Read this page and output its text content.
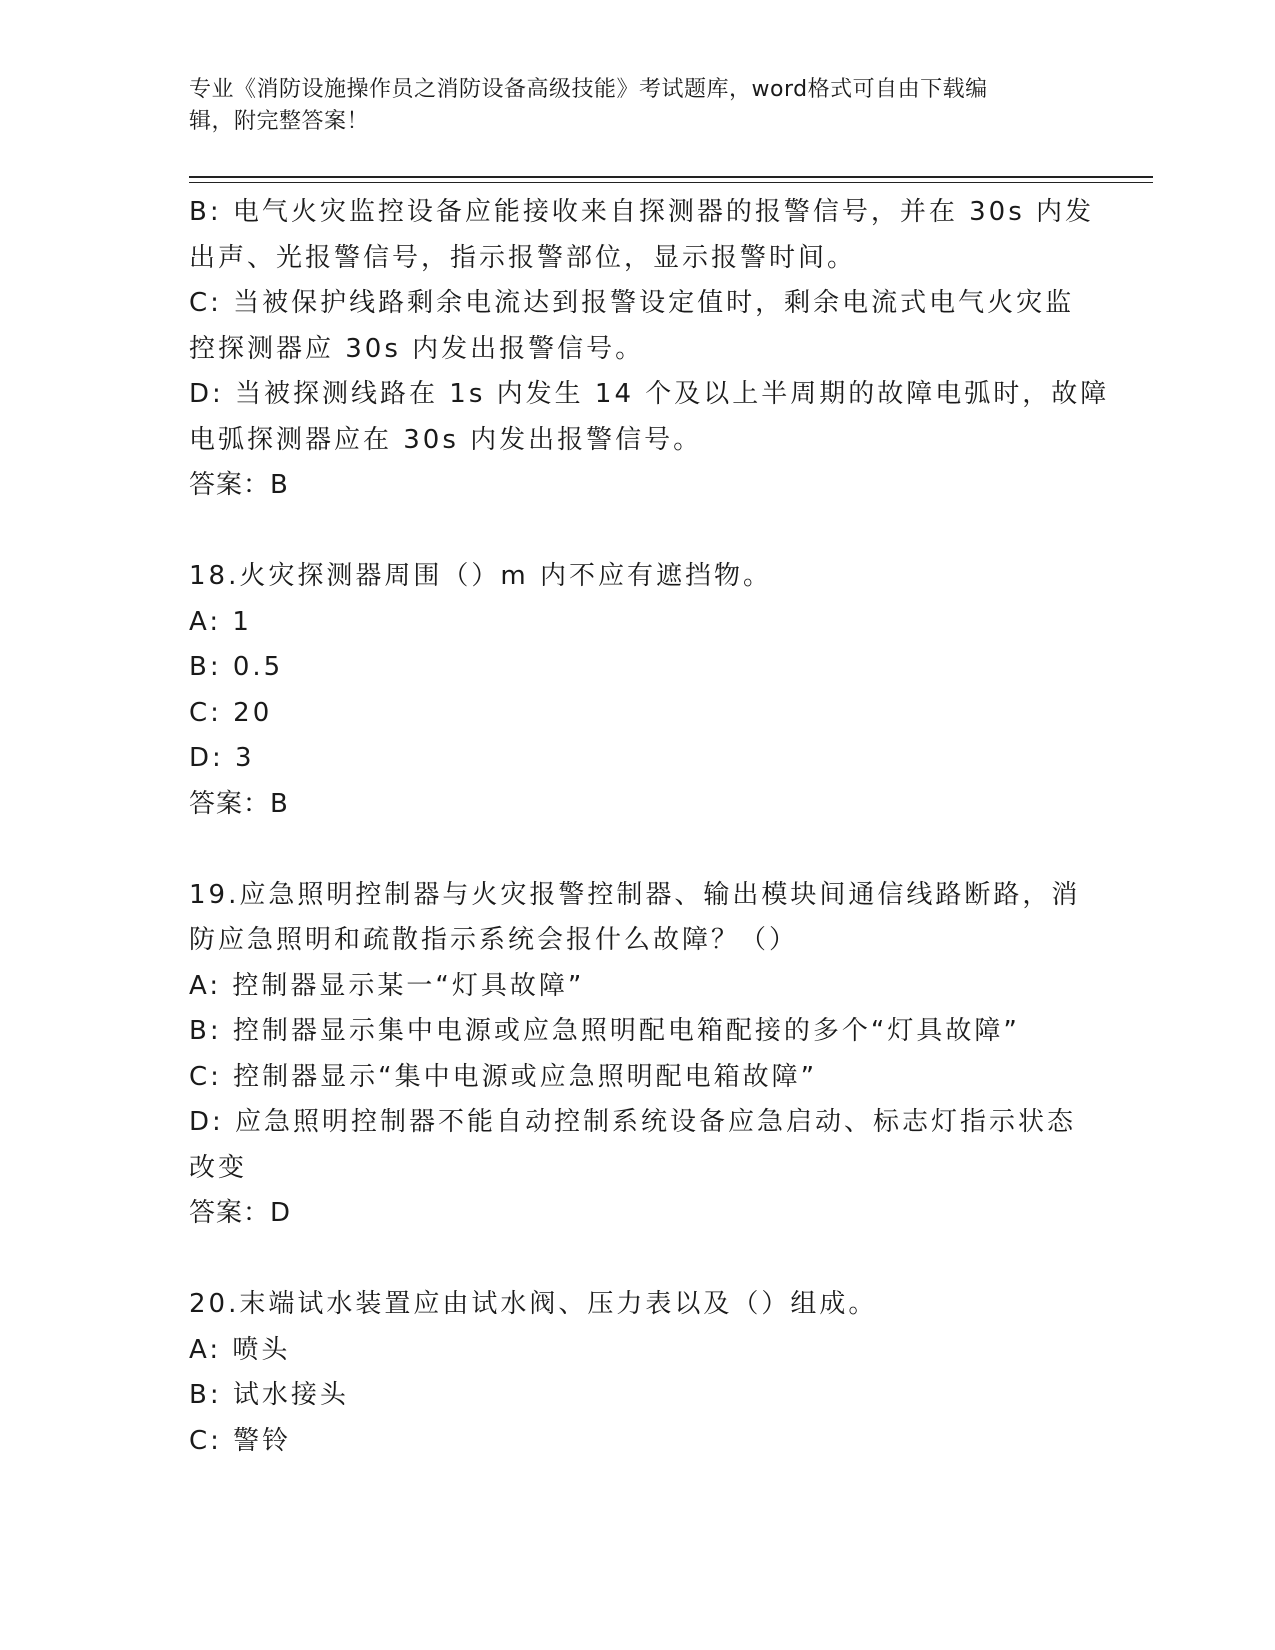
专业《消防设施操作员之消防设备高级技能》考试题库，word格式可自由下载编
辑，附完整答案！
B: 电气火灾监控设备应能接收来自探测器的报警信号，并在 30s 内发
出声、光报警信号，指示报警部位，显示报警时间。
C: 当被保护线路剩余电流达到报警设定值时，剩余电流式电气火灾监
控探测器应 30s 内发出报警信号。
D: 当被探测线路在 1s 内发生 14 个及以上半周期的故障电弧时，故障
电弧探测器应在 30s 内发出报警信号。
答案：B
18.火灾探测器周围（）m 内不应有遮挡物。
A: 1
B: 0.5
C: 20
D: 3
答案：B
19.应急照明控制器与火灾报警控制器、输出模块间通信线路断路，消
防应急照明和疏散指示系统会报什么故障？（）
A: 控制器显示某一“灯具故障”
B: 控制器显示集中电源或应急照明配电箱配接的多个“灯具故障”
C: 控制器显示“集中电源或应急照明配电箱故障”
D: 应急照明控制器不能自动控制系统设备应急启动、标志灯指示状态
改变
答案：D
20.末端试水装置应由试水阀、压力表以及（）组成。
A: 喷头
B: 试水接头
C: 警铃
